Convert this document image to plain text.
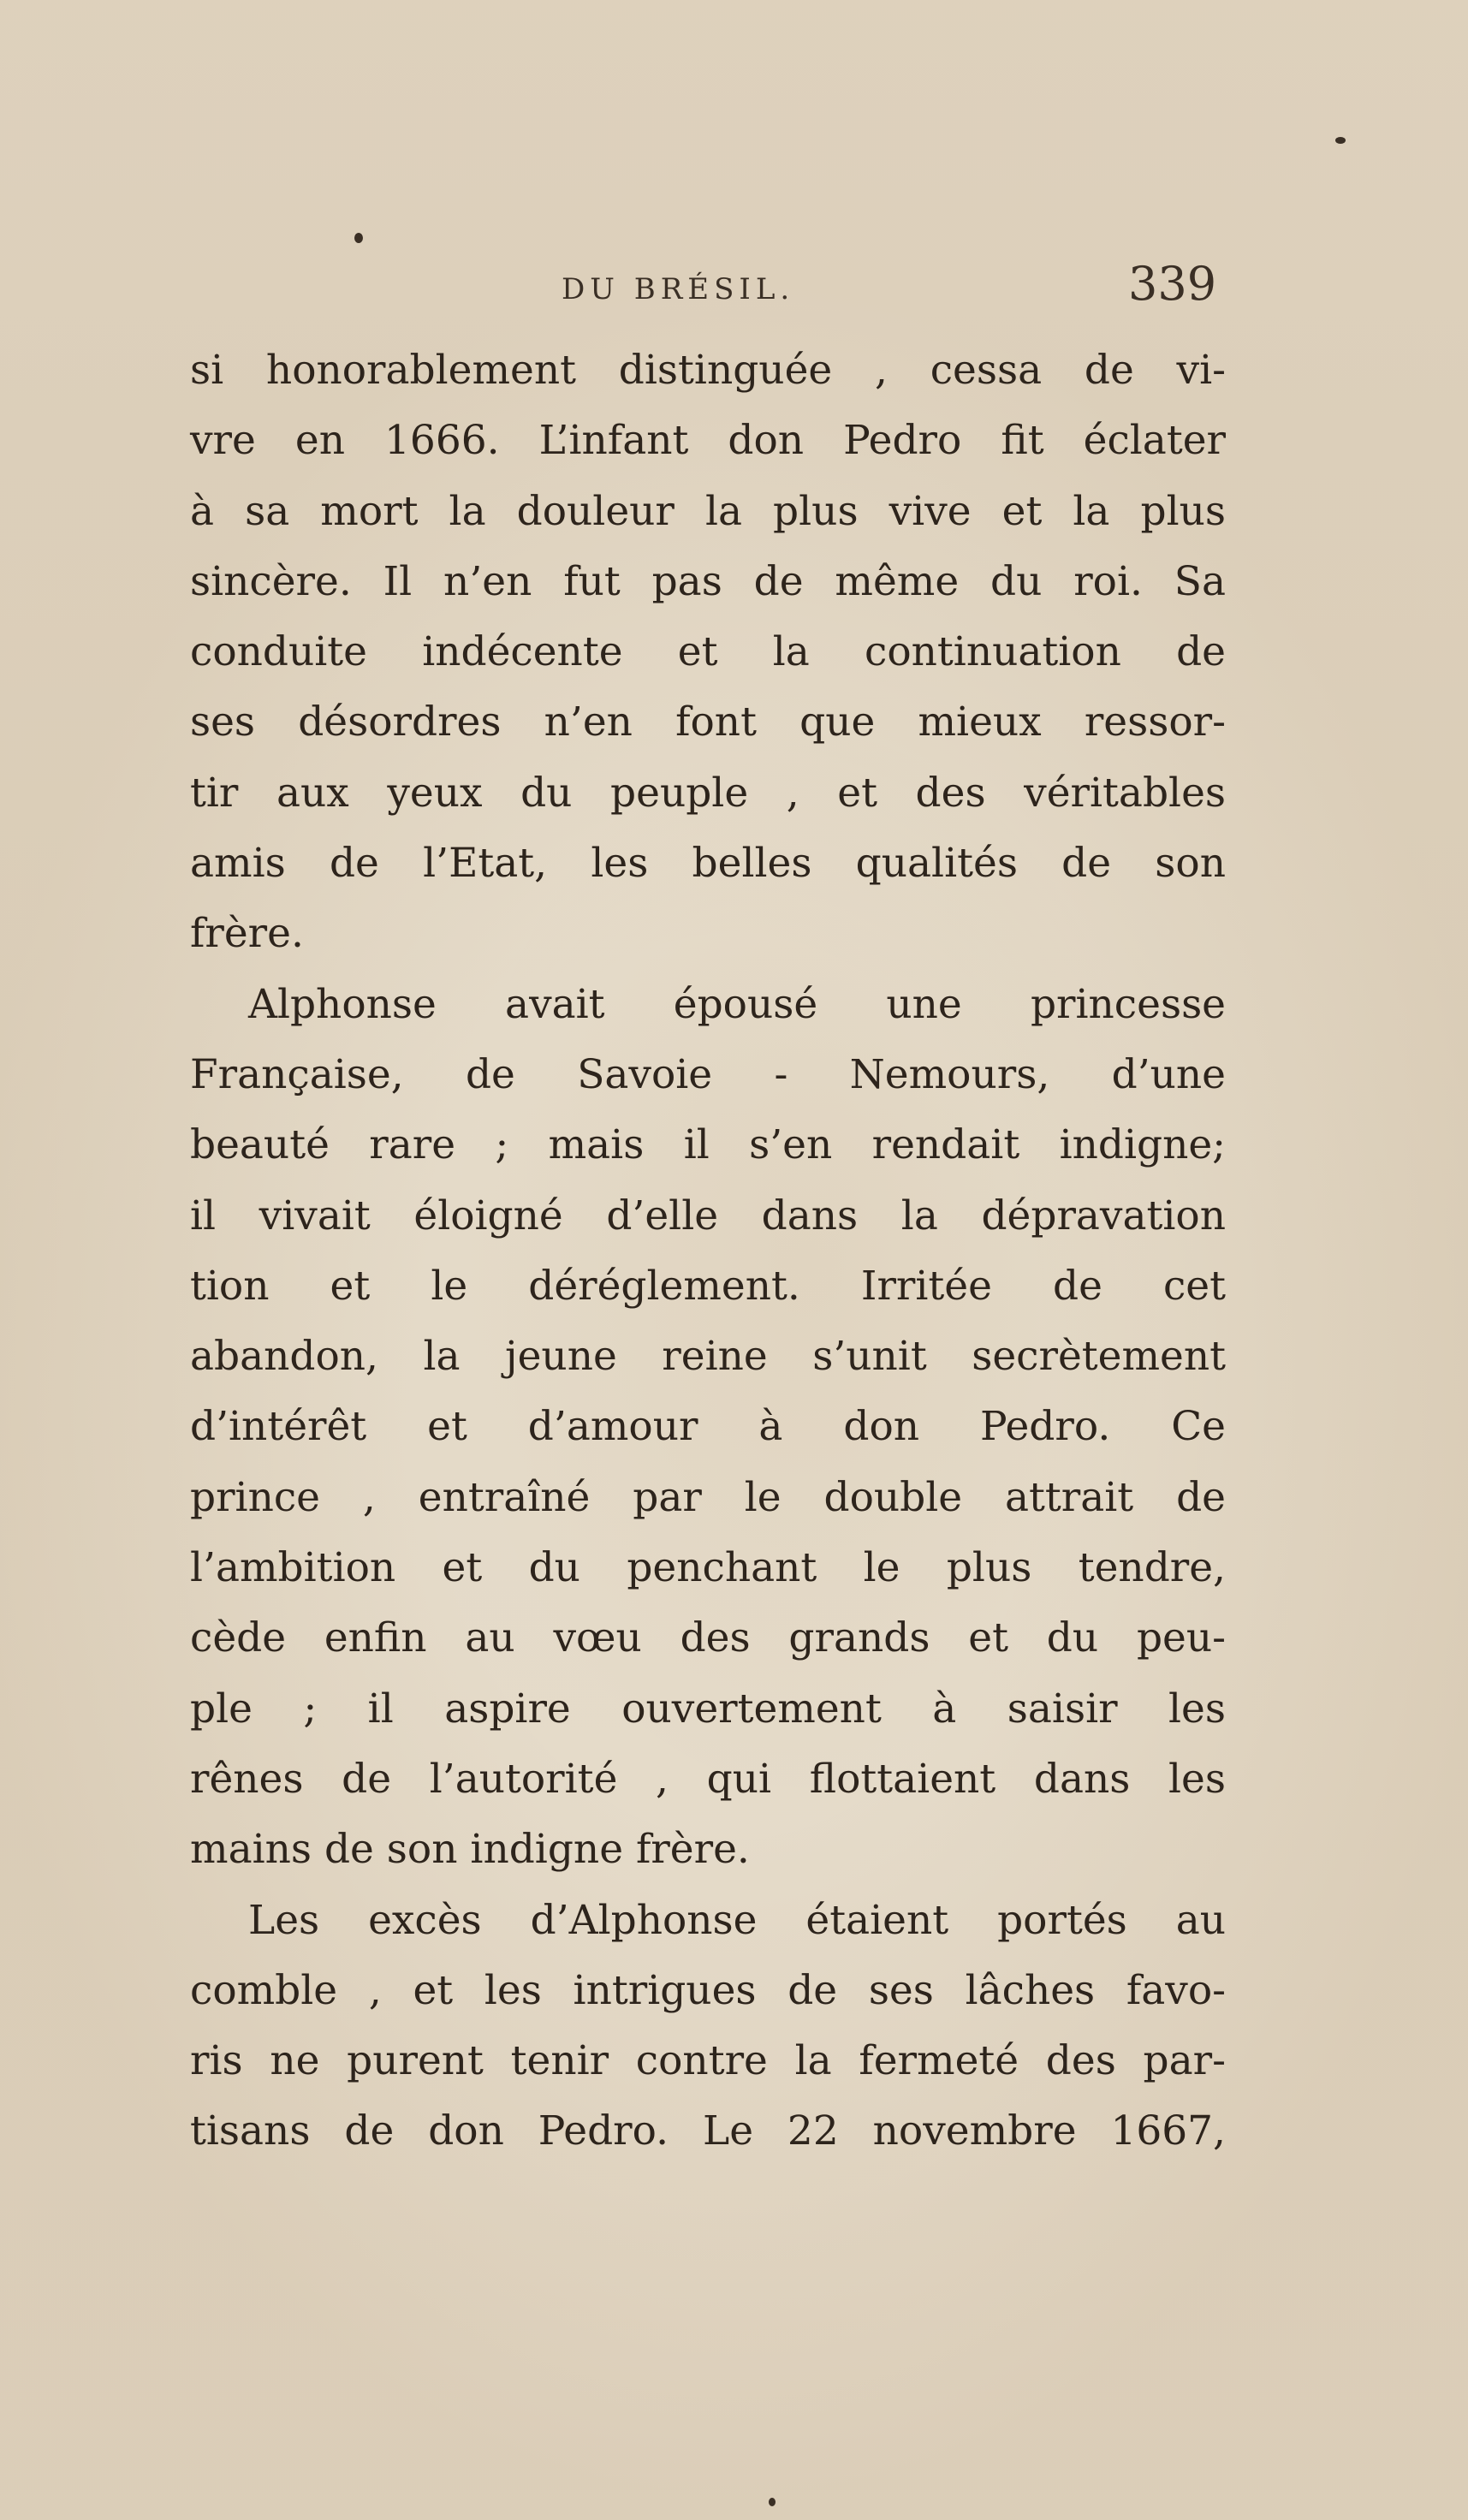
DU BRÉSIL.	339
si honorablement distinguée , cessa de vi-
vre en 1666. L’infant don Pedro fit éclater
à sa mort la douleur la plus vive et la plus
sincère. Il n’en fut pas de même du roi. Sa
conduite indécente et la continuation de
ses désordres n’en font que mieux ressor-
tir aux yeux du peuple , et des véritables
amis de l’Etat, les belles qualités de son
frère.
Alphonse avait épousé une princesse
Française, de Savoie - Nemours, d’une
beauté rare ; mais il s’en rendait indigne;
il vivait éloigné d’elle dans la dépravation
tion et le déréglement. Irritée de cet
abandon, la jeune reine s’unit secrètement
d’intérêt et d’amour à don Pedro. Ce
prince , entraîné par le double attrait de
l’ambition et du penchant le plus tendre,
cède enfin au vœu des grands et du peu-
ple ; il aspire ouvertement à saisir les
rênes de l’autorité , qui flottaient dans les
mains de son indigne frère.
Les excès d’Alphonse étaient portés au
comble , et les intrigues de ses lâches favo-
ris ne purent tenir contre la fermeté des par-
tisans de don Pedro. Le 22 novembre 1667,
